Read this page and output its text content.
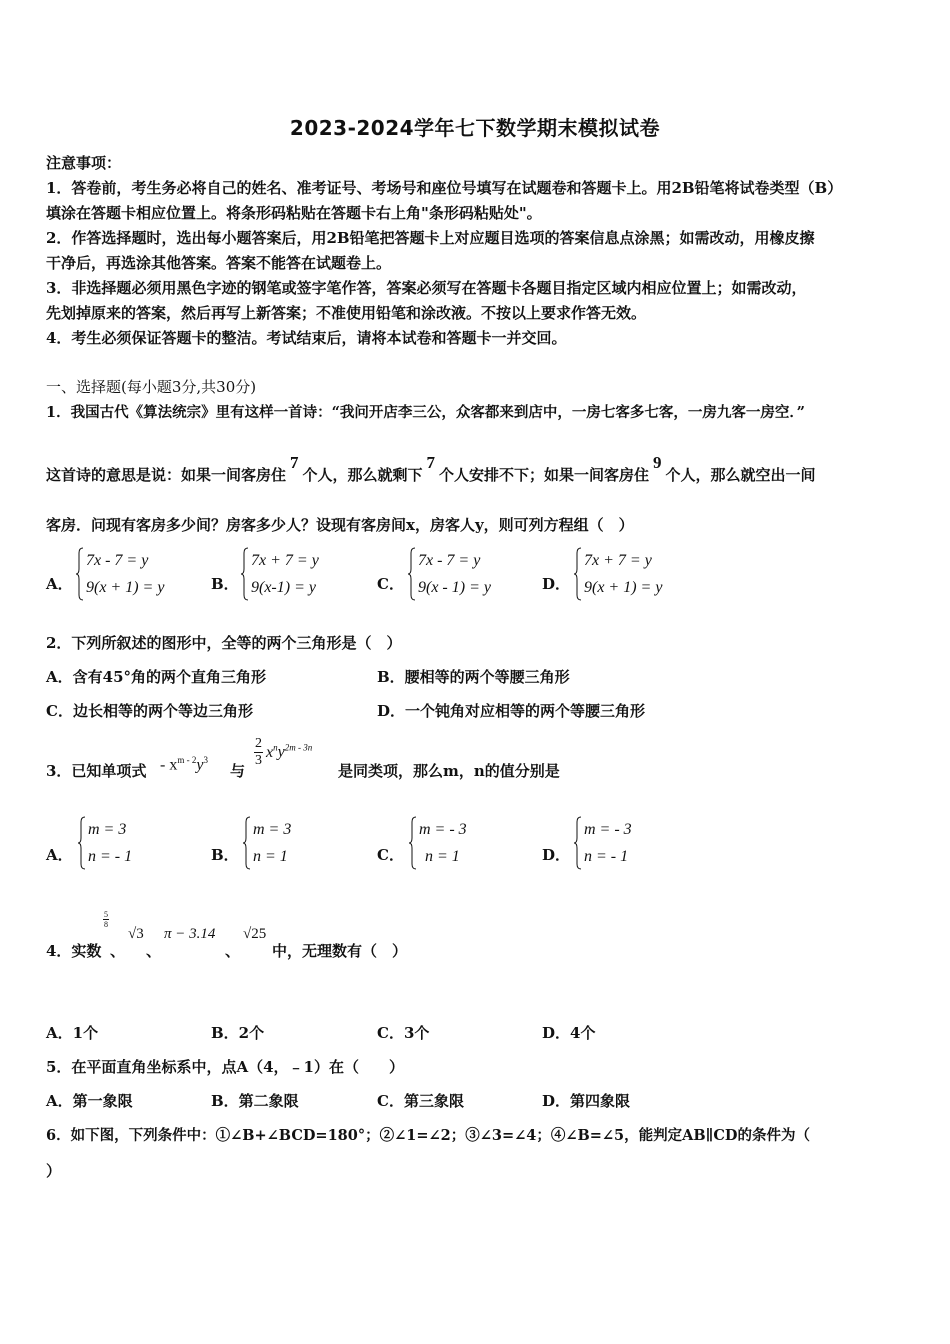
2023-2024学年七下数学期末模拟试卷
注意事项：
1．答卷前，考生务必将自己的姓名、准考证号、考场号和座位号填写在试题卷和答题卡上。用2B铅笔将试卷类型（B）
填涂在答题卡相应位置上。将条形码粘贴在答题卡右上角"条形码粘贴处"。
2．作答选择题时，选出每小题答案后，用2B铅笔把答题卡上对应题目选项的答案信息点涂黑；如需改动，用橡皮擦
干净后，再选涂其他答案。答案不能答在试题卷上。
3．非选择题必须用黑色字迹的钢笔或签字笔作答，答案必须写在答题卡各题目指定区域内相应位置上；如需改动，
先划掉原来的答案，然后再写上新答案；不准使用铅笔和涂改液。不按以上要求作答无效。
4．考生必须保证答题卡的整洁。考试结束后，请将本试卷和答题卡一并交回。
一、选择题(每小题3分,共30分)
1．我国古代《算法统宗》里有这样一首诗：“我问开店李三公，众客都来到店中，一房七客多七客，一房九客一房空．”
这首诗的意思是说：如果一间客房住7个人，那么就剩下7个人安排不下；如果一间客房住9个人，那么就空出一间
客房．问现有客房多少间？房客多少人？设现有客房间x，房客人y，则可列方程组（　）
A．
7x - 7 = y
9(x + 1) = y	B．
7x + 7 = y
9(x-1) = y	C．
7x - 7 = y
9(x - 1) = y	D．
7x + 7 = y
9(x + 1) = y
2．下列所叙述的图形中，全等的两个三角形是（　）
A．含有45°角的两个直角三角形	B．腰相等的两个等腰三角形
C．边长相等的两个等边三角形	D．一个钝角对应相等的两个等腰三角形
3．已知单项式 - $x^{m - 2}y^3$
与
$\frac{2}{3} x^ny^{2m - 3n}$
是同类项，那么m，n的值分别是
A．
m = 3
n = - 1	B．
m = 3
n = 1	C．
m = - 3
n = 1	D．
m = - 3
n = - 1
4．实数
$\frac{5}{8}$
、
√3
、
π − 3.14
、
√25
中，无理数有（　）
A．1个	B．2个	C．3个	D．4个
5．在平面直角坐标系中，点A（4，﹣1）在（　　）
A．第一象限	B．第二象限	C．第三象限	D．第四象限
6．如下图，下列条件中：①∠B+∠BCD=180°；②∠1=∠2；③∠3=∠4；④∠B=∠5，能判定AB∥CD的条件为（
）
